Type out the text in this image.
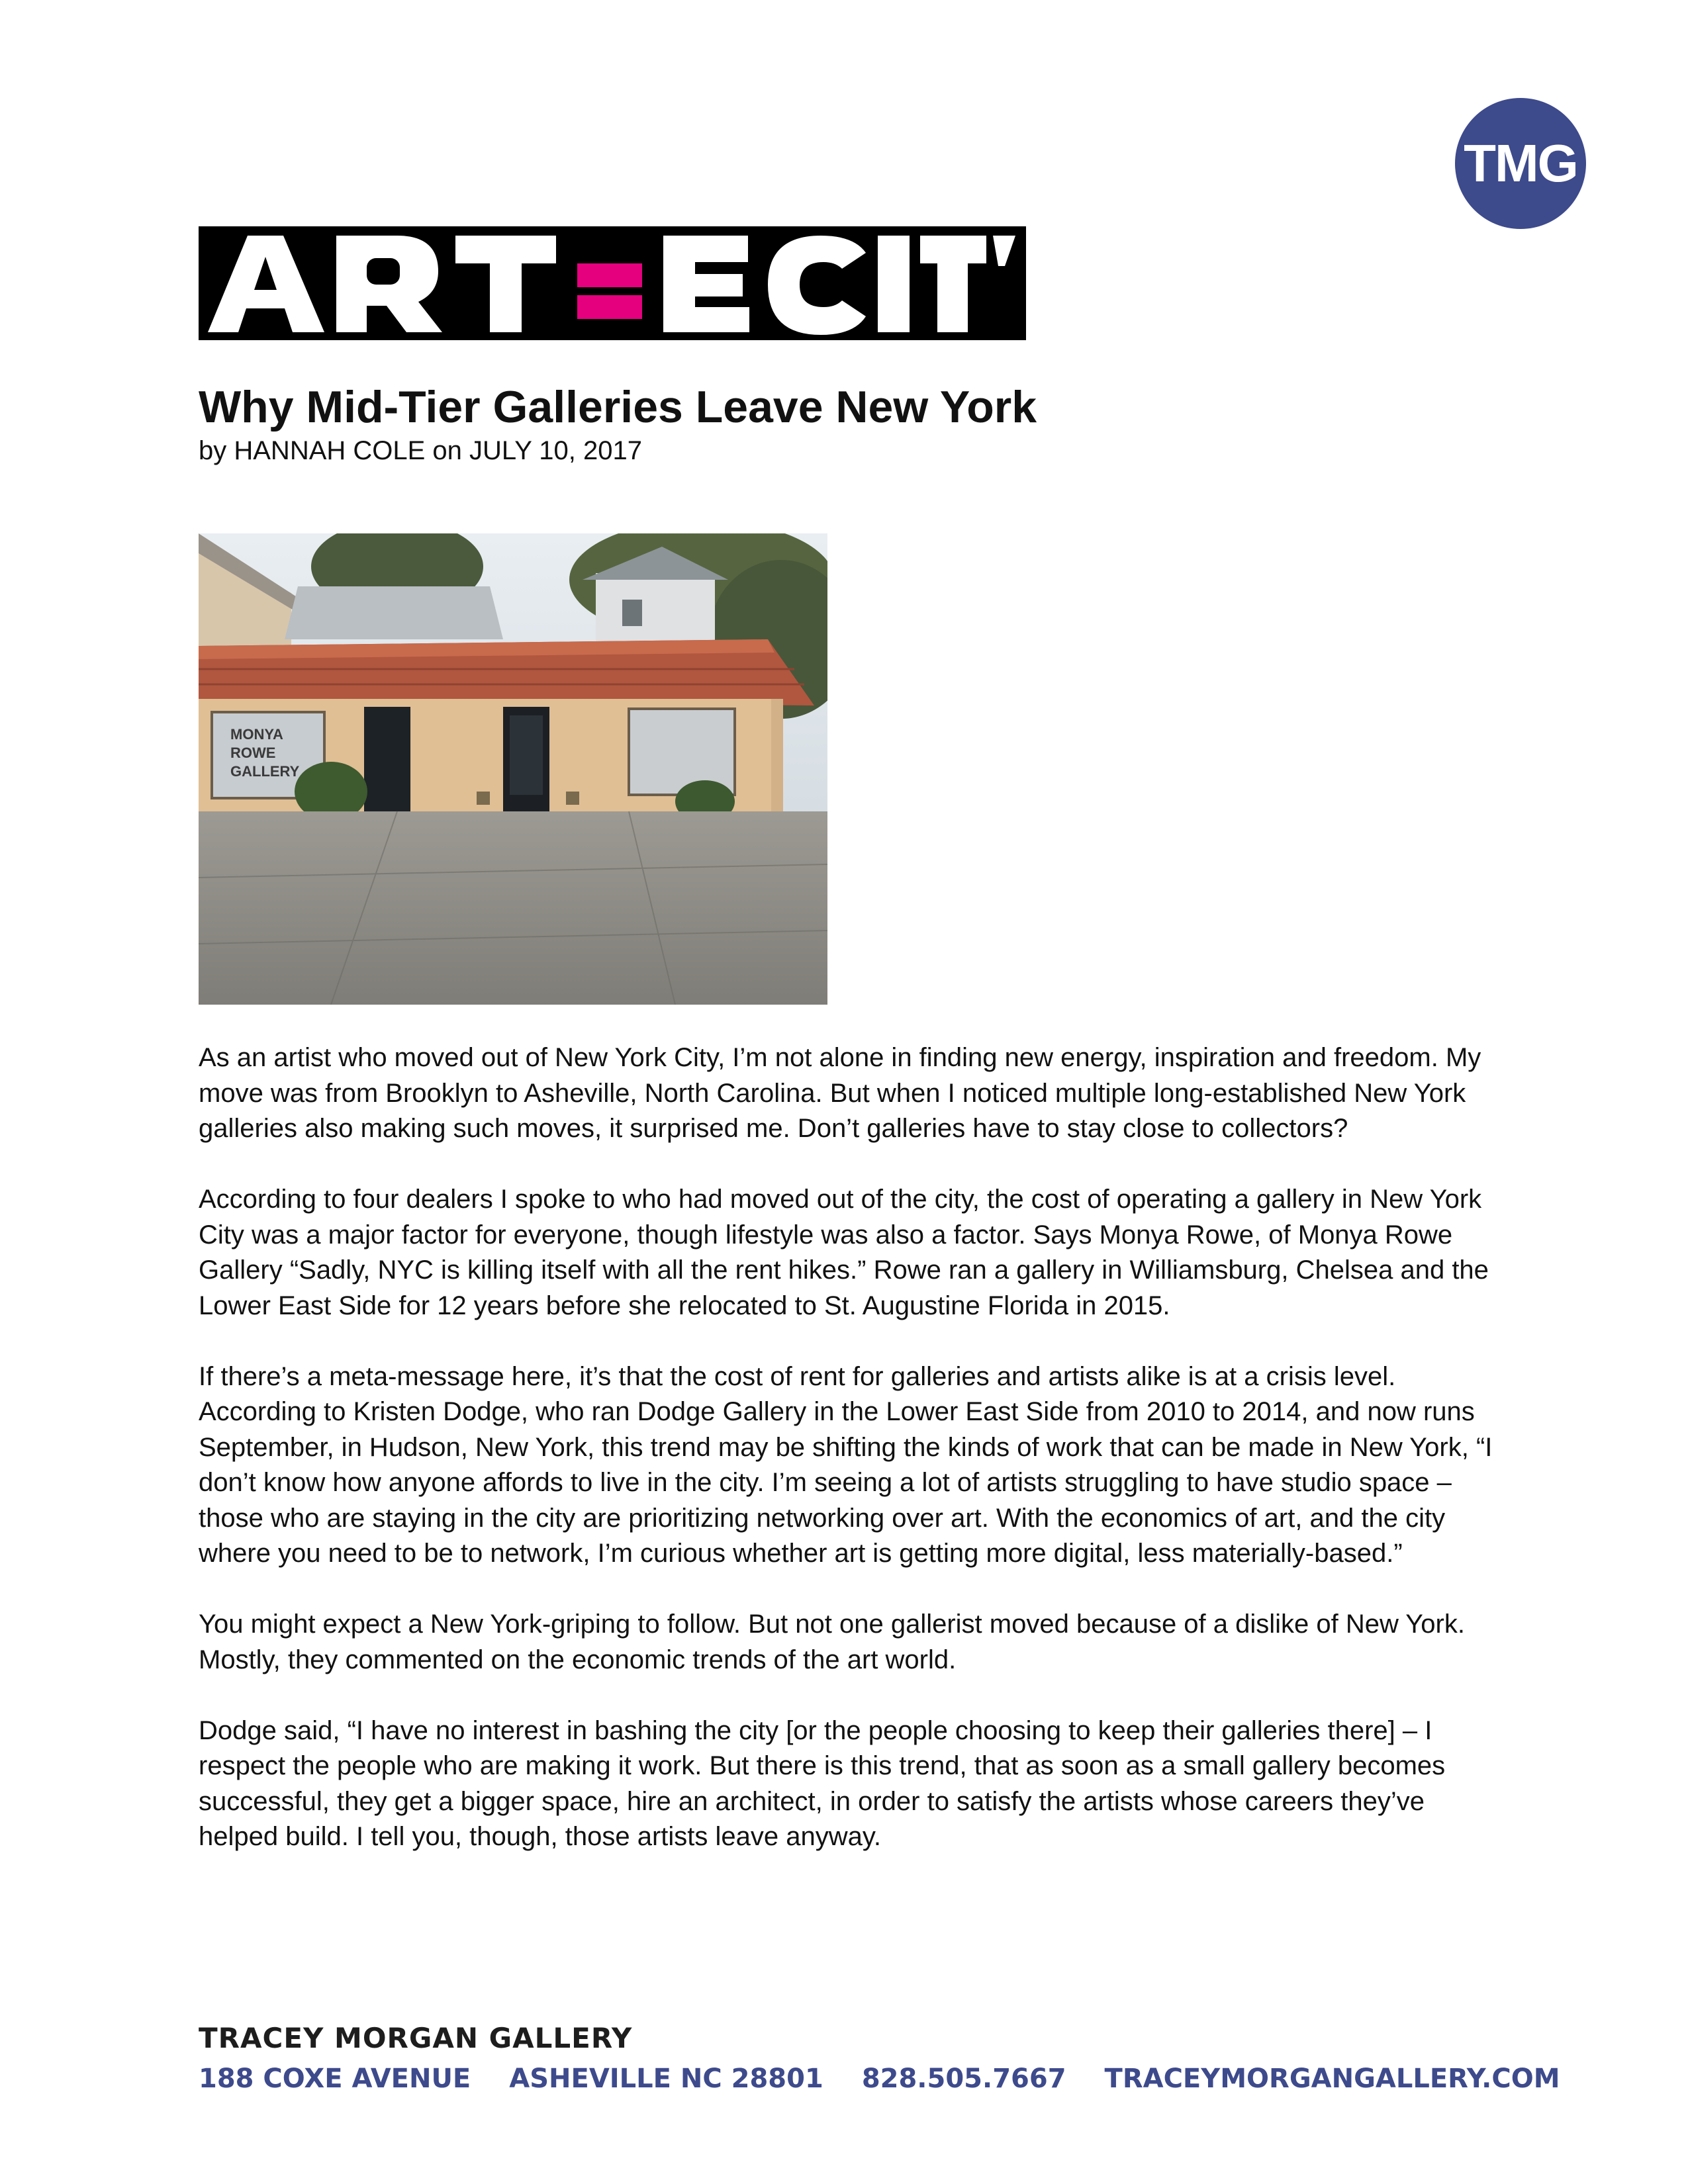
TMG
Why Mid-Tier Galleries Leave New York
by HANNAH COLE on JULY 10, 2017
MONYA ROWE GALLERY

As an artist who moved out of New York City, I’m not alone in finding new energy, inspiration and freedom. My move was from Brooklyn to Asheville, North Carolina. But when I noticed multiple long-established New York galleries also making such moves, it surprised me. Don’t galleries have to stay close to collectors?

According to four dealers I spoke to who had moved out of the city, the cost of operating a gallery in New York City was a major factor for everyone, though lifestyle was also a factor. Says Monya Rowe, of Monya Rowe Gallery “Sadly, NYC is killing itself with all the rent hikes.” Rowe ran a gallery in Williamsburg, Chelsea and the Lower East Side for 12 years before she relocated to St. Augustine Florida in 2015.

If there’s a meta-message here, it’s that the cost of rent for galleries and artists alike is at a crisis level. According to Kristen Dodge, who ran Dodge Gallery in the Lower East Side from 2010 to 2014, and now runs September, in Hudson, New York, this trend may be shifting the kinds of work that can be made in New York, “I don’t know how anyone affords to live in the city. I’m seeing a lot of artists struggling to have studio space – those who are staying in the city are prioritizing networking over art. With the economics of art, and the city where you need to be to network, I’m curious whether art is getting more digital, less materially-based.”

You might expect a New York-griping to follow. But not one gallerist moved because of a dislike of New York. Mostly, they commented on the economic trends of the art world.

Dodge said, “I have no interest in bashing the city [or the people choosing to keep their galleries there] – I respect the people who are making it work. But there is this trend, that as soon as a small gallery becomes successful, they get a bigger space, hire an architect, in order to satisfy the artists whose careers they’ve helped build. I tell you, though, those artists leave anyway.

TRACEY MORGAN GALLERY
188 COXE AVENUE ASHEVILLE NC 28801 828.505.7667 TRACEYMORGANGALLERY.COM
